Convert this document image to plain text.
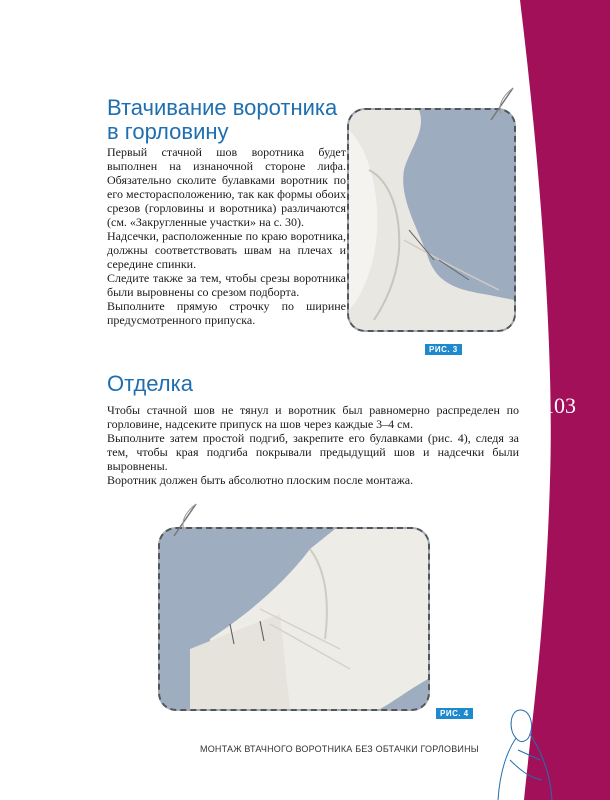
103
Втачивание воротника в горловину

Первый стачной шов воротника будет выполнен на изнаночной стороне лифа. Обязательно сколите булавками воротник по его месторасположению, так как формы обоих срезов (горловины и воротника) различаются (см. «Закругленные участки» на с. 30).

Надсечки, расположенные по краю воротника, должны соответствовать швам на плечах и середине спинки.

Следите также за тем, чтобы срезы воротника были выровнены со срезом подборта.

Выполните прямую строчку по ширине предусмотренного припуска.

РИС. 3
Отделка

Чтобы стачной шов не тянул и воротник был равномерно распределен по горловине, надсеките припуск на шов через каждые 3–4 см.

Выполните затем простой подгиб, закрепите его булавками (рис. 4), следя за тем, чтобы края подгиба покрывали предыдущий шов и надсечки были выровнены.

Воротник должен быть абсолютно плоским после монтажа.

РИС. 4
МОНТАЖ ВТАЧНОГО ВОРОТНИКА БЕЗ ОБТАЧКИ ГОРЛОВИНЫ
